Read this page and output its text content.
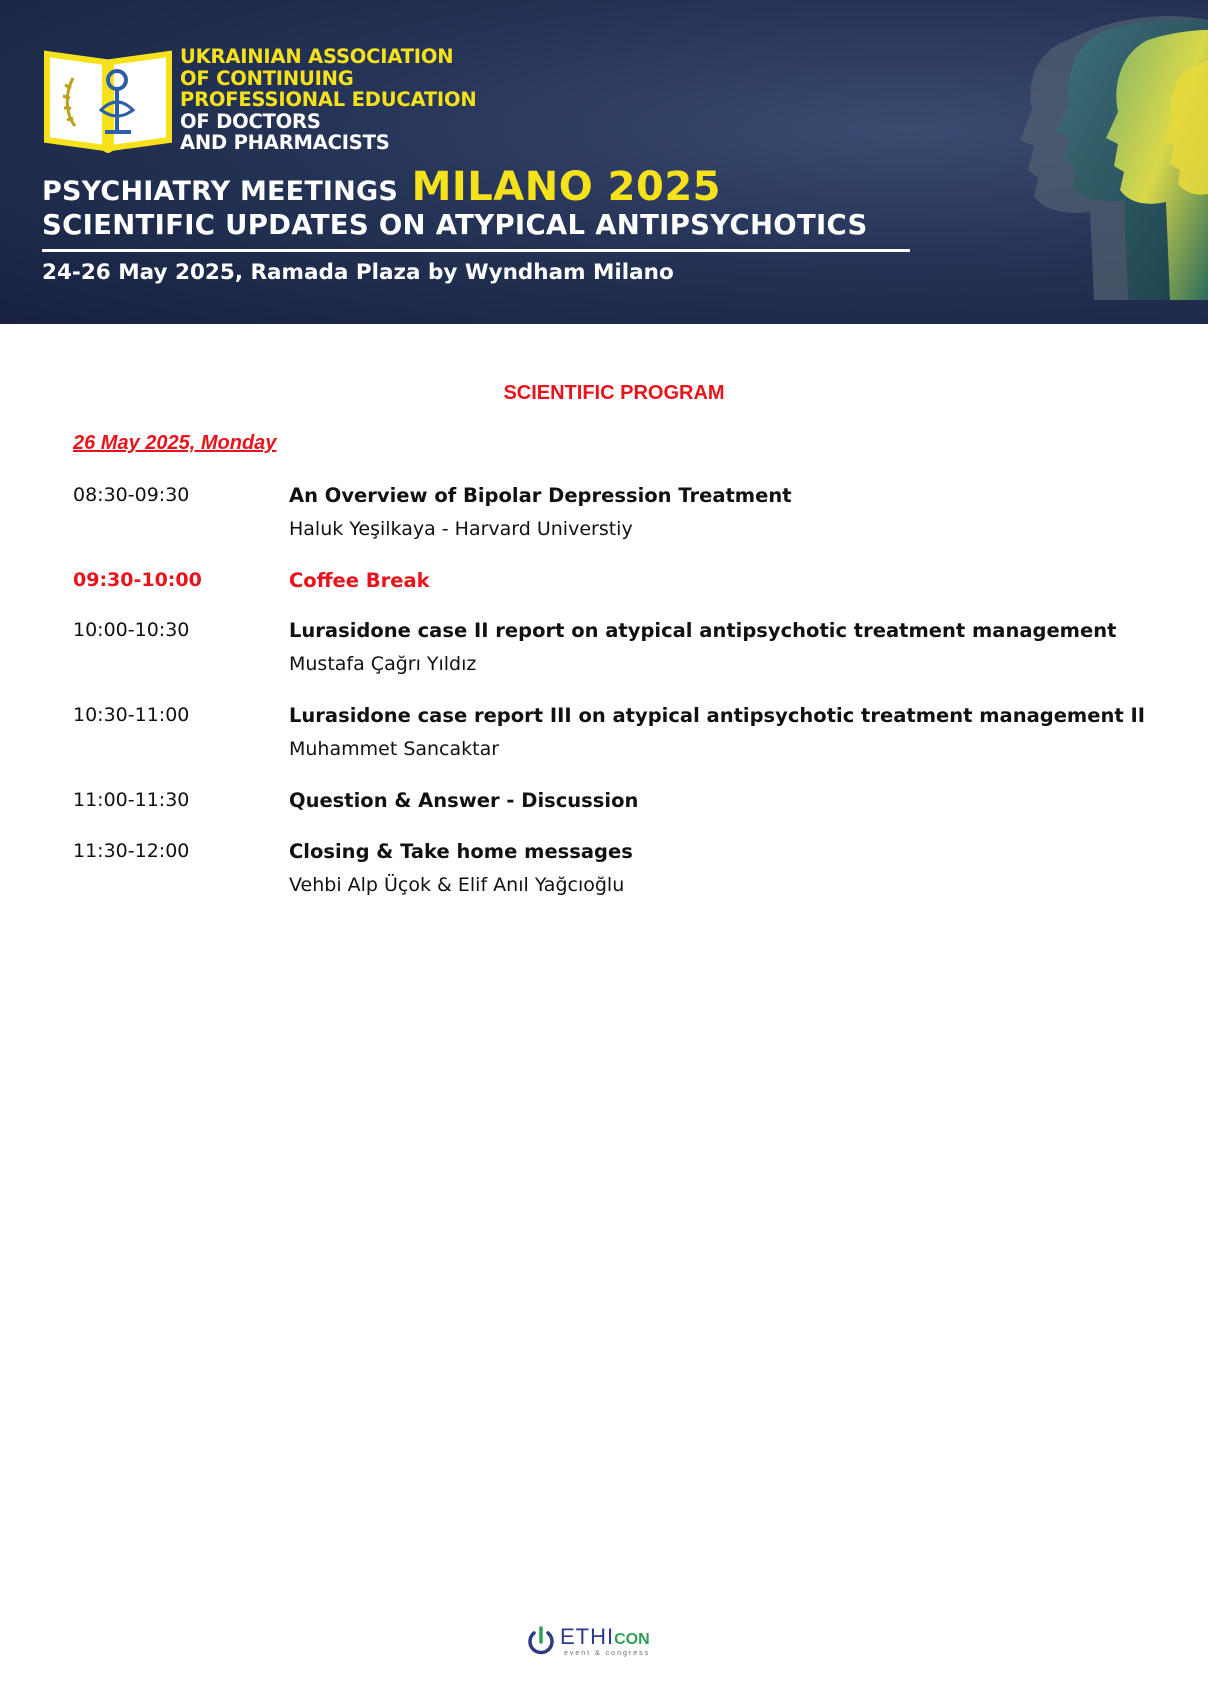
UKRAINIAN ASSOCIATION
OF CONTINUING
PROFESSIONAL EDUCATION
OF DOCTORS
AND PHARMACISTS
PSYCHIATRY MEETINGS MILANO 2025
SCIENTIFIC UPDATES ON ATYPICAL ANTIPSYCHOTICS
24-26 May 2025, Ramada Plaza by Wyndham Milano
SCIENTIFIC PROGRAM
26 May 2025, Monday
08:30-09:30	An Overview of Bipolar Depression Treatment
Haluk Yeşilkaya - Harvard Universtiy
09:30-10:00	Coffee Break
10:00-10:30	Lurasidone case II report on atypical antipsychotic treatment management
Mustafa Çağrı Yıldız
10:30-11:00	Lurasidone case report III on atypical antipsychotic treatment management II
Muhammet Sancaktar
11:00-11:30	Question & Answer - Discussion
11:30-12:00	Closing & Take home messages
Vehbi Alp Üçok & Elif Anıl Yağcıoğlu
ETHICON
event & congress
